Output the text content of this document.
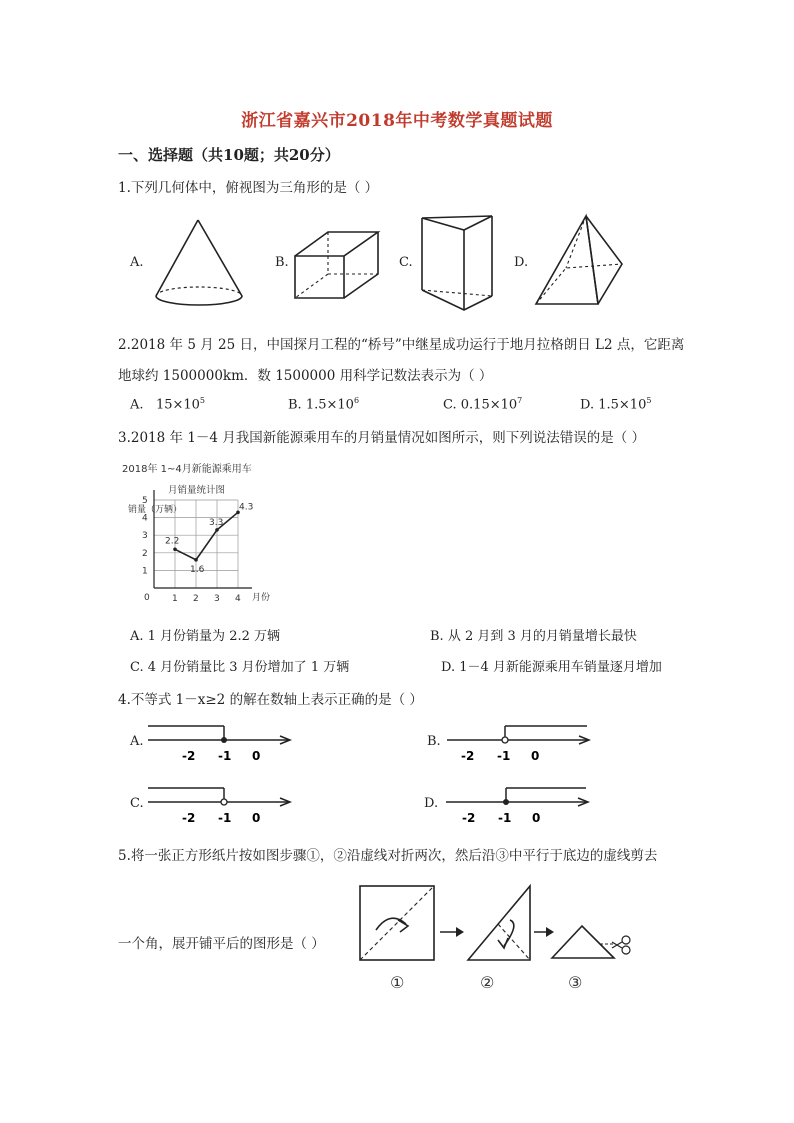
浙江省嘉兴市2018年中考数学真题试题
一、选择题（共10题；共20分）
1.下列几何体中，俯视图为三角形的是（ ）
A.	B.	C.	D.
2.2018 年 5 月 25 日，中国探月工程的“桥号”中继星成功运行于地月拉格朗日 L2 点，它距离
地球约 1500000km．数 1500000 用科学记数法表示为（ ）
A. $15\times 10^5$	B. $1.5\times 10^6$	C. $0.15\times 10^7$	D. $1.5\times 10^5$
3.2018 年 1－4 月我国新能源乘用车的月销量情况如图所示，则下列说法错误的是（ ）
2018年 1~4月新能源乘用车
月销量统计图
销量（万辆）
月份
0
1
2
3
4
5
1 2 3 4
2.2
1.6
3.3
4.3
A. 1 月份销量为 2.2 万辆	B. 从 2 月到 3 月的月销量增长最快
C. 4 月份销量比 3 月份增加了 1 万辆	D. 1－4 月新能源乘用车销量逐月增加
4.不等式 1－x≥2 的解在数轴上表示正确的是（ ）
A.
-2 -1 0
B.
-2 -1 0
C.
-2 -1 0
D.
-2 -1 0
5.将一张正方形纸片按如图步骤①，②沿虚线对折两次，然后沿③中平行于底边的虚线剪去
一个角，展开铺平后的图形是（ ）
①	②	③
